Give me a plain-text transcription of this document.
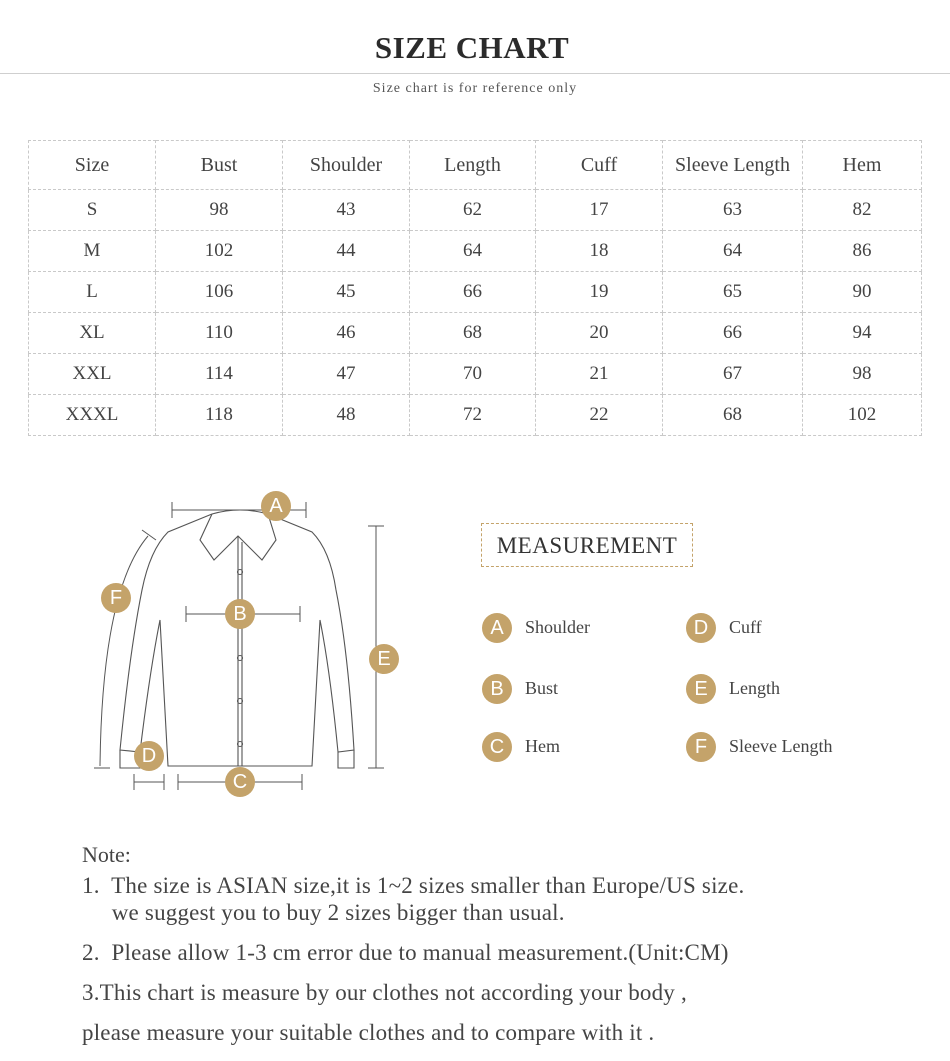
SIZE CHART
Size chart is for reference only
Size	Bust	Shoulder	Length	Cuff	Sleeve Length	Hem
S	98	43	62	17	63	82
M	102	44	64	18	64	86
L	106	45	66	19	65	90
XL	110	46	68	20	66	94
XXL	114	47	70	21	67	98
XXXL	118	48	72	22	68	102
A
B
C
D
E
F
MEASUREMENT
A	Shoulder
B	Bust
C	Hem
D	Cuff
E	Length
F	Sleeve Length
Note:
1.  The size is ASIAN size,it is 1~2 sizes smaller than Europe/US size.
we suggest you to buy 2 sizes bigger than usual.
2.  Please allow 1-3 cm error due to manual measurement.(Unit:CM)
3.This chart is measure by our clothes not according your body ,
please measure your suitable clothes and to compare with it .
